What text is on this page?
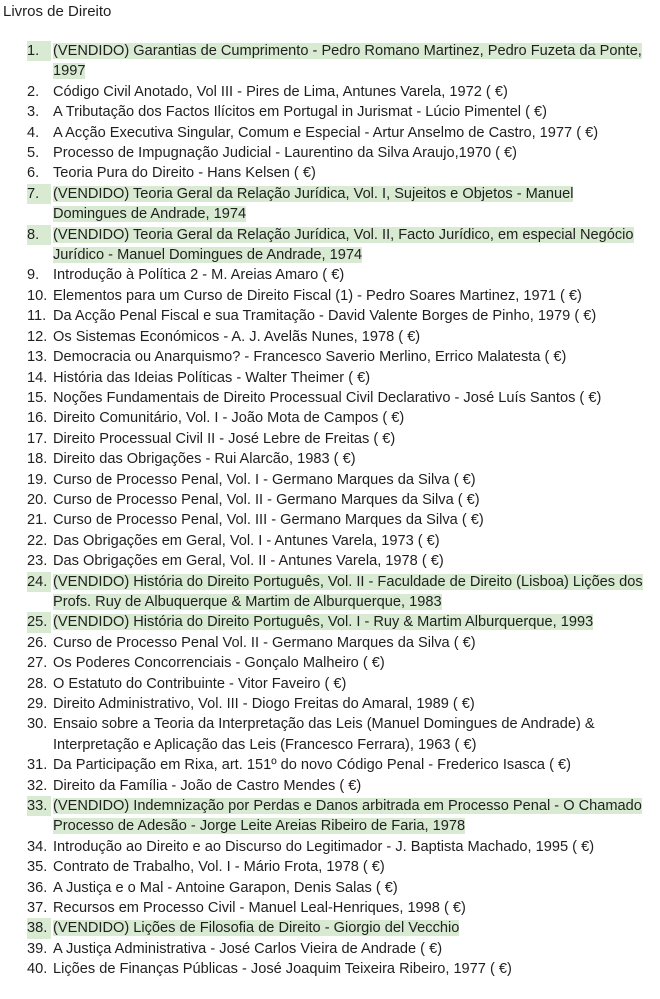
Livros de Direito
1. (VENDIDO) Garantias de Cumprimento - Pedro Romano Martinez, Pedro Fuzeta da Ponte, 1997
2. Código Civil Anotado, Vol III - Pires de Lima, Antunes Varela, 1972 ( €)
3. A Tributação dos Factos Ilícitos em Portugal in Jurismat - Lúcio Pimentel ( €)
4. A Acção Executiva Singular, Comum e Especial - Artur Anselmo de Castro, 1977 ( €)
5. Processo de Impugnação Judicial - Laurentino da Silva Araujo,1970 ( €)
6. Teoria Pura do Direito - Hans Kelsen ( €)
7. (VENDIDO) Teoria Geral da Relação Jurídica, Vol. I, Sujeitos e Objetos - Manuel Domingues de Andrade, 1974
8. (VENDIDO) Teoria Geral da Relação Jurídica, Vol. II, Facto Jurídico, em especial Negócio Jurídico - Manuel Domingues de Andrade, 1974
9. Introdução à Política 2 - M. Areias Amaro ( €)
10. Elementos para um Curso de Direito Fiscal (1) - Pedro Soares Martinez, 1971 ( €)
11. Da Acção Penal Fiscal e sua Tramitação - David Valente Borges de Pinho, 1979 ( €)
12. Os Sistemas Económicos - A. J. Avelãs Nunes, 1978 ( €)
13. Democracia ou Anarquismo? - Francesco Saverio Merlino, Errico Malatesta ( €)
14. História das Ideias Políticas - Walter Theimer ( €)
15. Noções Fundamentais de Direito Processual Civil Declarativo - José Luís Santos ( €)
16. Direito Comunitário, Vol. I - João Mota de Campos ( €)
17. Direito Processual Civil II - José Lebre de Freitas ( €)
18. Direito das Obrigações - Rui Alarcão, 1983 ( €)
19. Curso de Processo Penal, Vol. I - Germano Marques da Silva ( €)
20. Curso de Processo Penal, Vol. II - Germano Marques da Silva ( €)
21. Curso de Processo Penal, Vol. III - Germano Marques da Silva ( €)
22. Das Obrigações em Geral, Vol. I - Antunes Varela, 1973 ( €)
23. Das Obrigações em Geral, Vol. II - Antunes Varela, 1978 ( €)
24. (VENDIDO) História do Direito Português, Vol. II - Faculdade de Direito (Lisboa) Lições dos Profs. Ruy de Albuquerque & Martim de Alburquerque, 1983
25. (VENDIDO) História do Direito Português, Vol. I - Ruy & Martim Alburquerque, 1993
26. Curso de Processo Penal Vol. II - Germano Marques da Silva ( €)
27. Os Poderes Concorrenciais - Gonçalo Malheiro ( €)
28. O Estatuto do Contribuinte - Vitor Faveiro ( €)
29. Direito Administrativo, Vol. III - Diogo Freitas do Amaral, 1989 ( €)
30. Ensaio sobre a Teoria da Interpretação das Leis (Manuel Domingues de Andrade) & Interpretação e Aplicação das Leis (Francesco Ferrara), 1963 ( €)
31. Da Participação em Rixa, art. 151º do novo Código Penal - Frederico Isasca ( €)
32. Direito da Família - João de Castro Mendes ( €)
33. (VENDIDO) Indemnização por Perdas e Danos arbitrada em Processo Penal - O Chamado Processo de Adesão - Jorge Leite Areias Ribeiro de Faria, 1978
34. Introdução ao Direito e ao Discurso do Legitimador - J. Baptista Machado, 1995 ( €)
35. Contrato de Trabalho, Vol. I - Mário Frota, 1978 ( €)
36. A Justiça e o Mal - Antoine Garapon, Denis Salas ( €)
37. Recursos em Processo Civil - Manuel Leal-Henriques, 1998 ( €)
38. (VENDIDO) Lições de Filosofia de Direito - Giorgio del Vecchio
39. A Justiça Administrativa - José Carlos Vieira de Andrade ( €)
40. Lições de Finanças Públicas - José Joaquim Teixeira Ribeiro, 1977 ( €)
